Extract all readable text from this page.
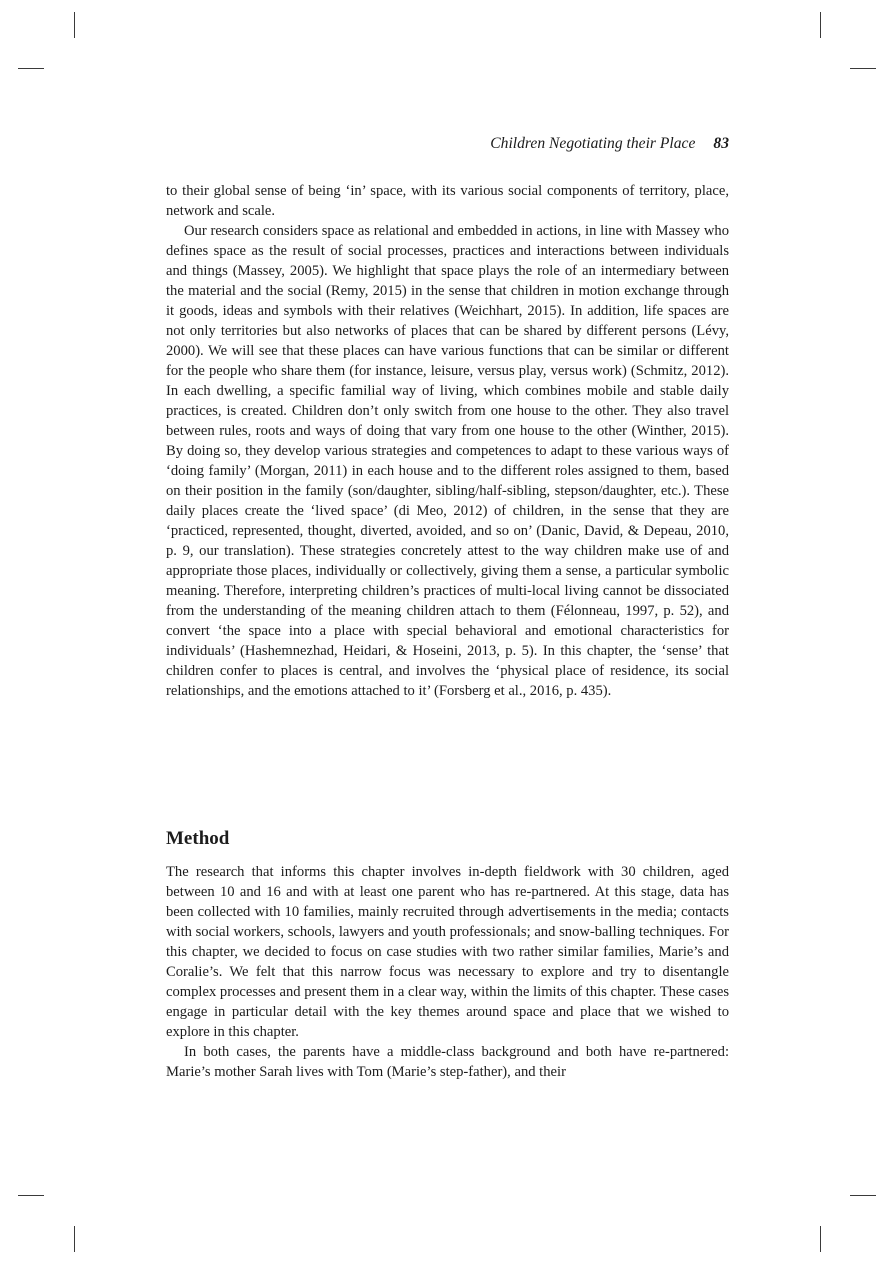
Children Negotiating their Place 83

to their global sense of being ‘in’ space, with its various social components of territory, place, network and scale.

Our research considers space as relational and embedded in actions, in line with Massey who defines space as the result of social processes, practices and interactions between individuals and things (Massey, 2005). We highlight that space plays the role of an intermediary between the material and the social (Remy, 2015) in the sense that children in motion exchange through it goods, ideas and symbols with their relatives (Weichhart, 2015). In addition, life spaces are not only territories but also networks of places that can be shared by different persons (Lévy, 2000). We will see that these places can have various functions that can be similar or different for the people who share them (for instance, leisure, versus play, versus work) (Schmitz, 2012). In each dwelling, a specific familial way of living, which combines mobile and stable daily practices, is created. Children don’t only switch from one house to the other. They also travel between rules, roots and ways of doing that vary from one house to the other (Winther, 2015). By doing so, they develop various strategies and competences to adapt to these various ways of ‘doing family’ (Morgan, 2011) in each house and to the different roles assigned to them, based on their position in the family (son/daughter, sibling/half-sibling, stepson/daughter, etc.). These daily places create the ‘lived space’ (di Meo, 2012) of children, in the sense that they are ‘practiced, represented, thought, diverted, avoided, and so on’ (Danic, David, & Depeau, 2010, p. 9, our translation). These strategies concretely attest to the way children make use of and appropriate those places, individually or collectively, giving them a sense, a particular symbolic meaning. Therefore, interpreting children’s practices of multi-local living cannot be dissociated from the understanding of the meaning children attach to them (Félonneau, 1997, p. 52), and convert ‘the space into a place with special behavioral and emotional characteristics for individuals’ (Hashemnezhad, Heidari, & Hoseini, 2013, p. 5). In this chapter, the ‘sense’ that children confer to places is central, and involves the ‘physical place of residence, its social relationships, and the emotions attached to it’ (Forsberg et al., 2016, p. 435).

Method

The research that informs this chapter involves in-depth fieldwork with 30 children, aged between 10 and 16 and with at least one parent who has re-partnered. At this stage, data has been collected with 10 families, mainly recruited through advertisements in the media; contacts with social workers, schools, lawyers and youth professionals; and snow-balling techniques. For this chapter, we decided to focus on case studies with two rather similar families, Marie’s and Coralie’s. We felt that this narrow focus was necessary to explore and try to disentangle complex processes and present them in a clear way, within the limits of this chapter. These cases engage in particular detail with the key themes around space and place that we wished to explore in this chapter.

In both cases, the parents have a middle-class background and both have re-partnered: Marie’s mother Sarah lives with Tom (Marie’s step-father), and their
